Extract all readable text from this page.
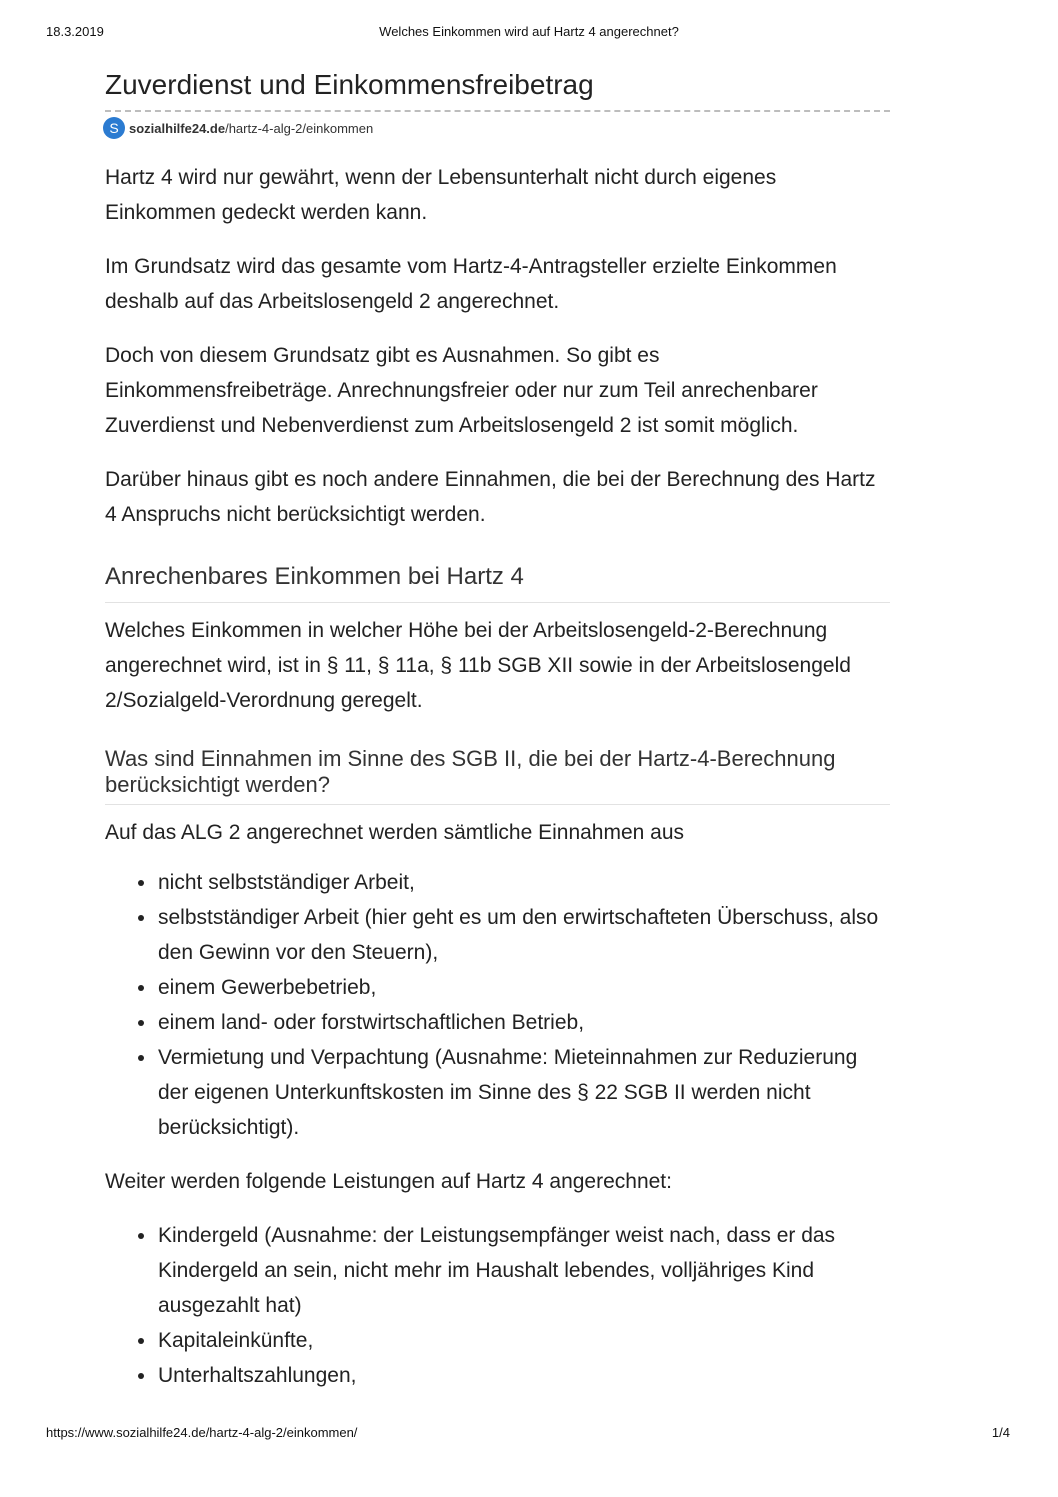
18.3.2019	Welches Einkommen wird auf Hartz 4 angerechnet?
Zuverdienst und Einkommensfreibetrag
S sozialhilfe24.de /hartz-4-alg-2/einkommen

Hartz 4 wird nur gewährt, wenn der Lebensunterhalt nicht durch eigenes Einkommen gedeckt werden kann.

Im Grundsatz wird das gesamte vom Hartz-4-Antragsteller erzielte Einkommen deshalb auf das Arbeitslosengeld 2 angerechnet.

Doch von diesem Grundsatz gibt es Ausnahmen. So gibt es Einkommensfreibeträge. Anrechnungsfreier oder nur zum Teil anrechenbarer Zuverdienst und Nebenverdienst zum Arbeitslosengeld 2 ist somit möglich.

Darüber hinaus gibt es noch andere Einnahmen, die bei der Berechnung des Hartz 4 Anspruchs nicht berücksichtigt werden.

Anrechenbares Einkommen bei Hartz 4

Welches Einkommen in welcher Höhe bei der Arbeitslosengeld-2-Berechnung angerechnet wird, ist in § 11, § 11a, § 11b SGB XII sowie in der Arbeitslosengeld 2/Sozialgeld-Verordnung geregelt.

Was sind Einnahmen im Sinne des SGB II, die bei der Hartz-4-Berechnung berücksichtigt werden?

Auf das ALG 2 angerechnet werden sämtliche Einnahmen aus

nicht selbstständiger Arbeit,
selbstständiger Arbeit (hier geht es um den erwirtschafteten Überschuss, also den Gewinn vor den Steuern),
einem Gewerbebetrieb,
einem land- oder forstwirtschaftlichen Betrieb,
Vermietung und Verpachtung (Ausnahme: Mieteinnahmen zur Reduzierung der eigenen Unterkunftskosten im Sinne des § 22 SGB II werden nicht berücksichtigt).

Weiter werden folgende Leistungen auf Hartz 4 angerechnet:

Kindergeld (Ausnahme: der Leistungsempfänger weist nach, dass er das Kindergeld an sein, nicht mehr im Haushalt lebendes, volljähriges Kind ausgezahlt hat)
Kapitaleinkünfte,
Unterhaltszahlungen,
https://www.sozialhilfe24.de/hartz-4-alg-2/einkommen/	1/4
